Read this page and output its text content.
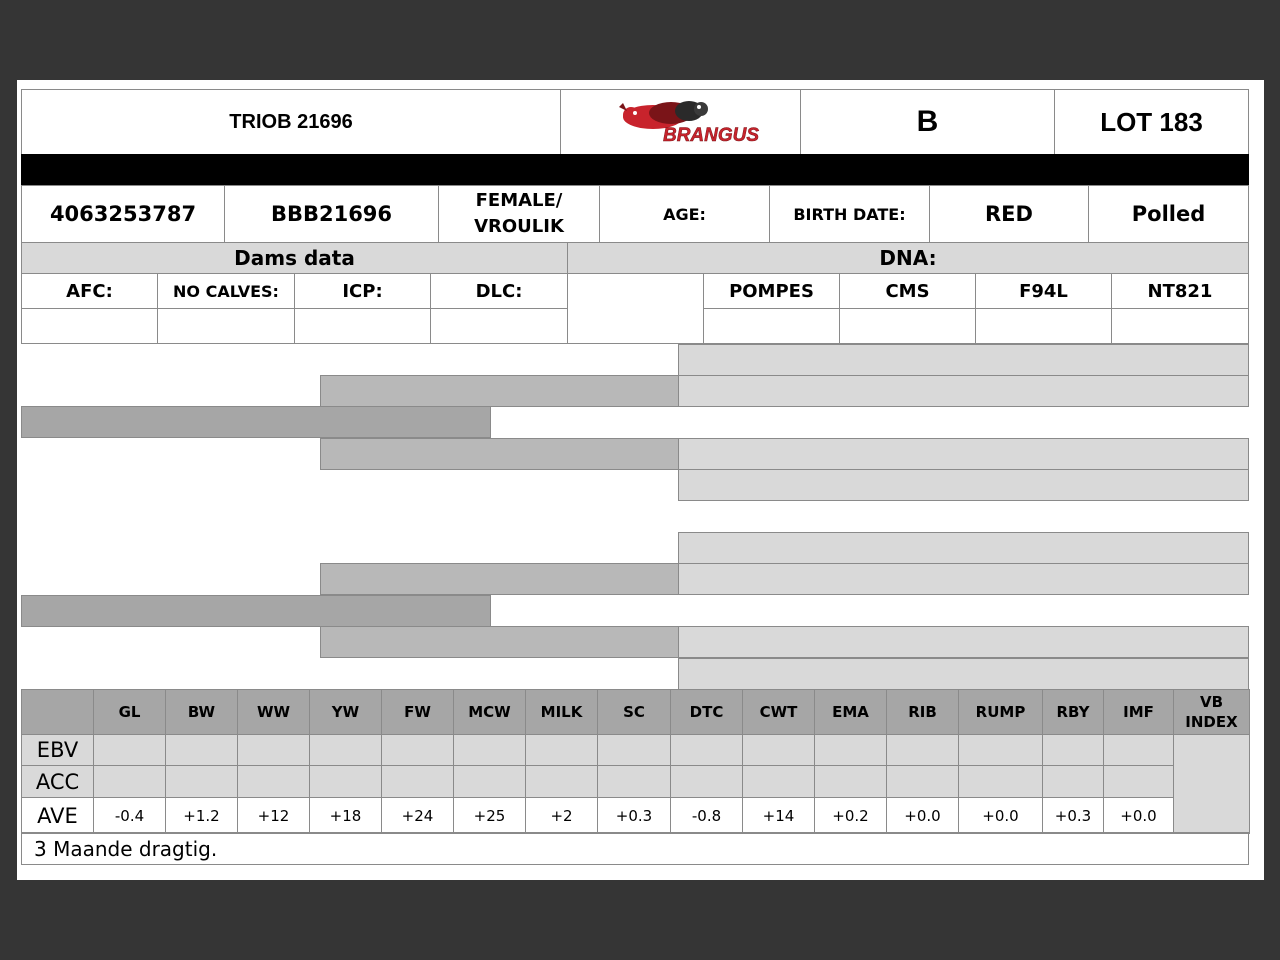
TRIOB 21696
BRANGUS	B	LOT 183
4063253787	BBB21696
FEMALE/ VROULIK
AGE:	BIRTH DATE:	RED	Polled
Dams data	DNA:
AFC:	NO CALVES:	ICP:	DLC:	POMPES	CMS	F94L	NT821
GL	BW	WW	YW	FW MCW MILK	SC	DTC CWT EMA	RIB	RUMP RBY IMF
VB INDEX
EBV
ACC
AVE -0.4	+1.2	+12	+18	+24	+25	+2	+0.3	-0.8	+14	+0.2 +0.0	+0.0 +0.3 +0.0
3 Maande dragtig.
